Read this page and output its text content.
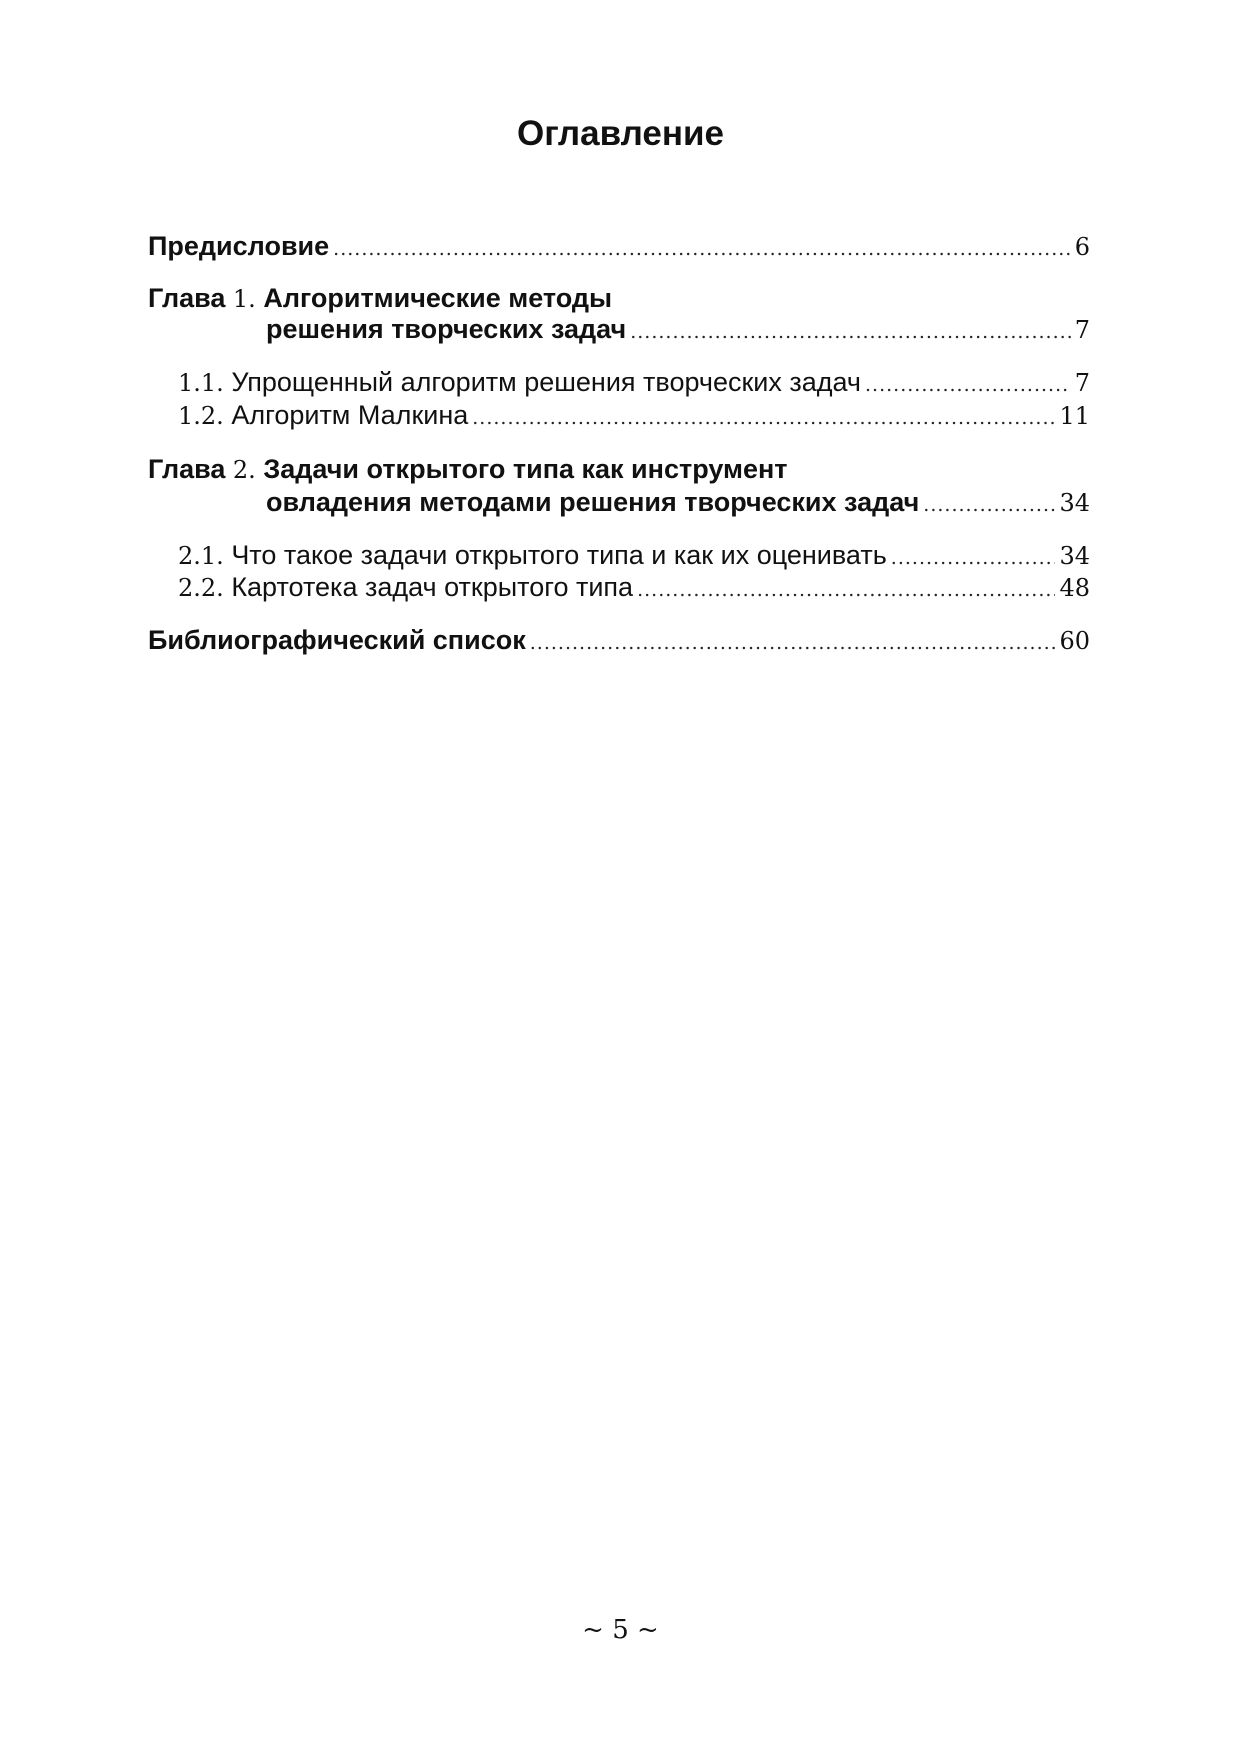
Оглавление
Предисловие .....	6
Глава 1. Алгоритмические методы
решения творческих задач .....	7
1.1. Упрощенный алгоритм решения творческих задач .....	7
1.2. Алгоритм Малкина .....	11
Глава 2. Задачи открытого типа как инструмент
овладения методами решения творческих задач .....	34
2.1. Что такое задачи открытого типа и как их оценивать .....	34
2.2. Картотека задач открытого типа .....	48
Библиографический список .....	60
~ 5 ~
